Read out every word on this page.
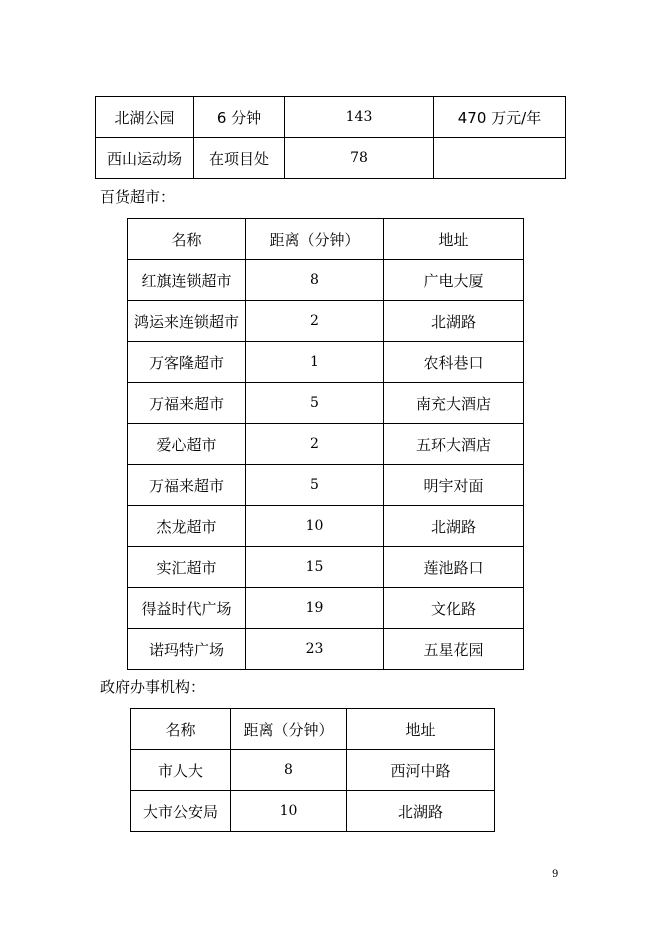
北湖公园	6 分钟	143	470 万元/年
西山运动场	在项目处	78	
百货超市：
名称	距离（分钟）	地址
红旗连锁超市	8	广电大厦
鸿运来连锁超市	2	北湖路
万客隆超市	1	农科巷口
万福来超市	5	南充大酒店
爱心超市	2	五环大酒店
万福来超市	5	明宇对面
杰龙超市	10	北湖路
实汇超市	15	莲池路口
得益时代广场	19	文化路
诺玛特广场	23	五星花园
政府办事机构：
名称	距离（分钟）	地址
市人大	8	西河中路
大市公安局	10	北湖路
9
